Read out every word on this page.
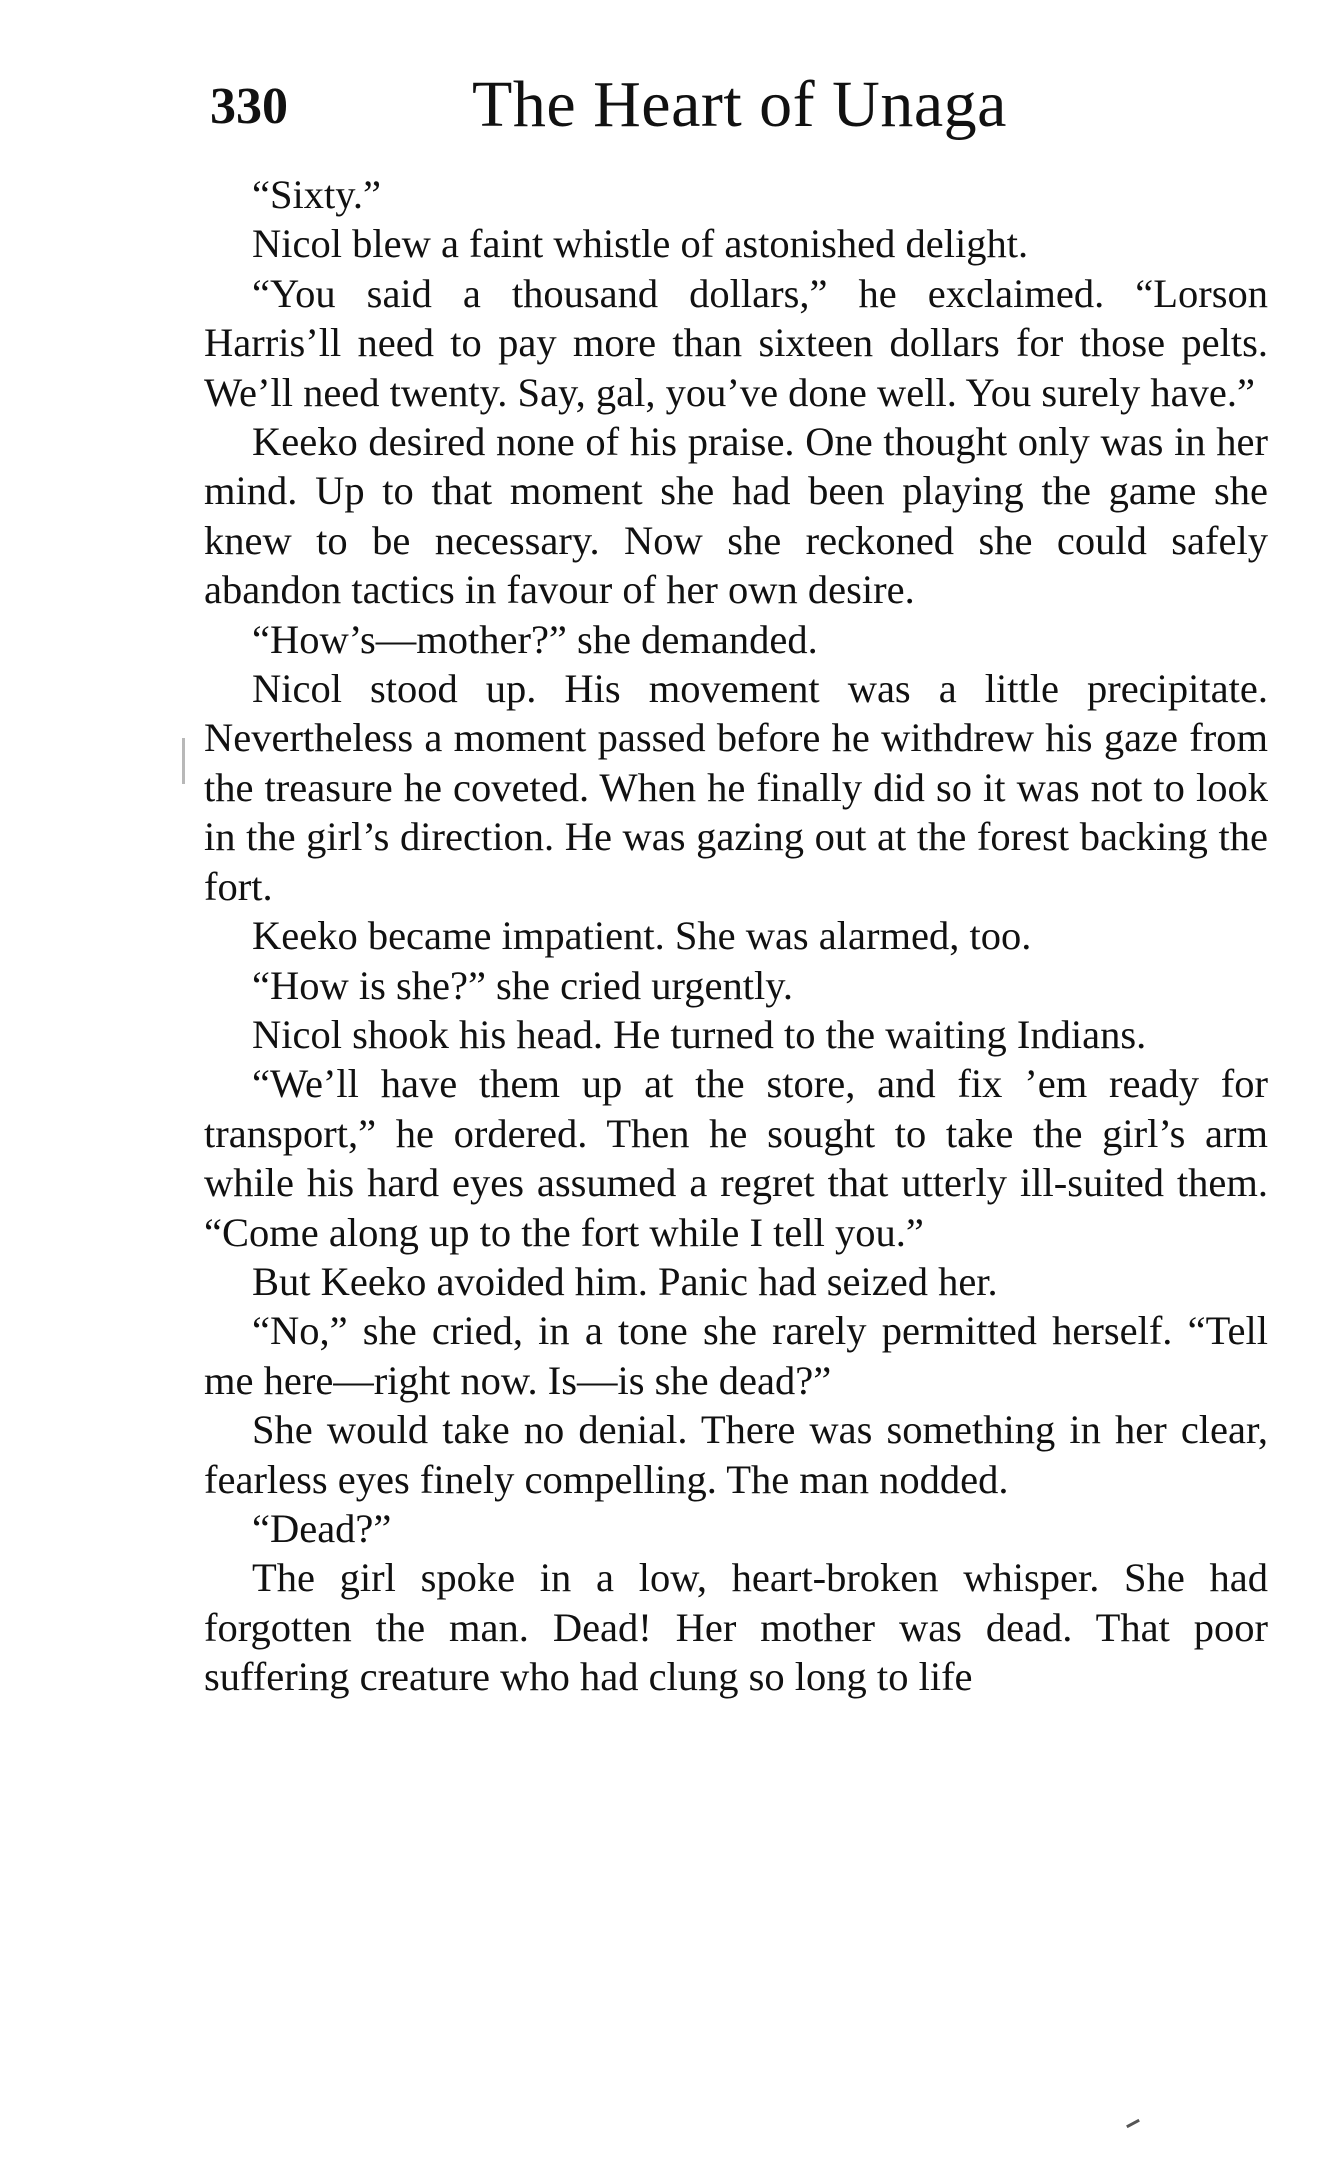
330	The Heart of Unaga

“Sixty.”

Nicol blew a faint whistle of astonished delight.

“You said a thousand dollars,” he exclaimed. “Lorson Harris’ll need to pay more than sixteen dollars for those pelts. We’ll need twenty. Say, gal, you’ve done well. You surely have.”

Keeko desired none of his praise. One thought only was in her mind. Up to that moment she had been playing the game she knew to be necessary. Now she reckoned she could safely abandon tactics in favour of her own desire.

“How’s—mother?” she demanded.

Nicol stood up. His movement was a little precipitate. Nevertheless a moment passed before he withdrew his gaze from the treasure he coveted. When he finally did so it was not to look in the girl’s direction. He was gazing out at the forest backing the fort.

Keeko became impatient. She was alarmed, too.

“How is she?” she cried urgently.

Nicol shook his head. He turned to the waiting Indians.

“We’ll have them up at the store, and fix ’em ready for transport,” he ordered. Then he sought to take the girl’s arm while his hard eyes assumed a regret that utterly ill-suited them. “Come along up to the fort while I tell you.”

But Keeko avoided him. Panic had seized her.

“No,” she cried, in a tone she rarely permitted herself. “Tell me here—right now. Is—is she dead?”

She would take no denial. There was something in her clear, fearless eyes finely compelling. The man nodded.

“Dead?”

The girl spoke in a low, heart-broken whisper. She had forgotten the man. Dead! Her mother was dead. That poor suffering creature who had clung so long to life
